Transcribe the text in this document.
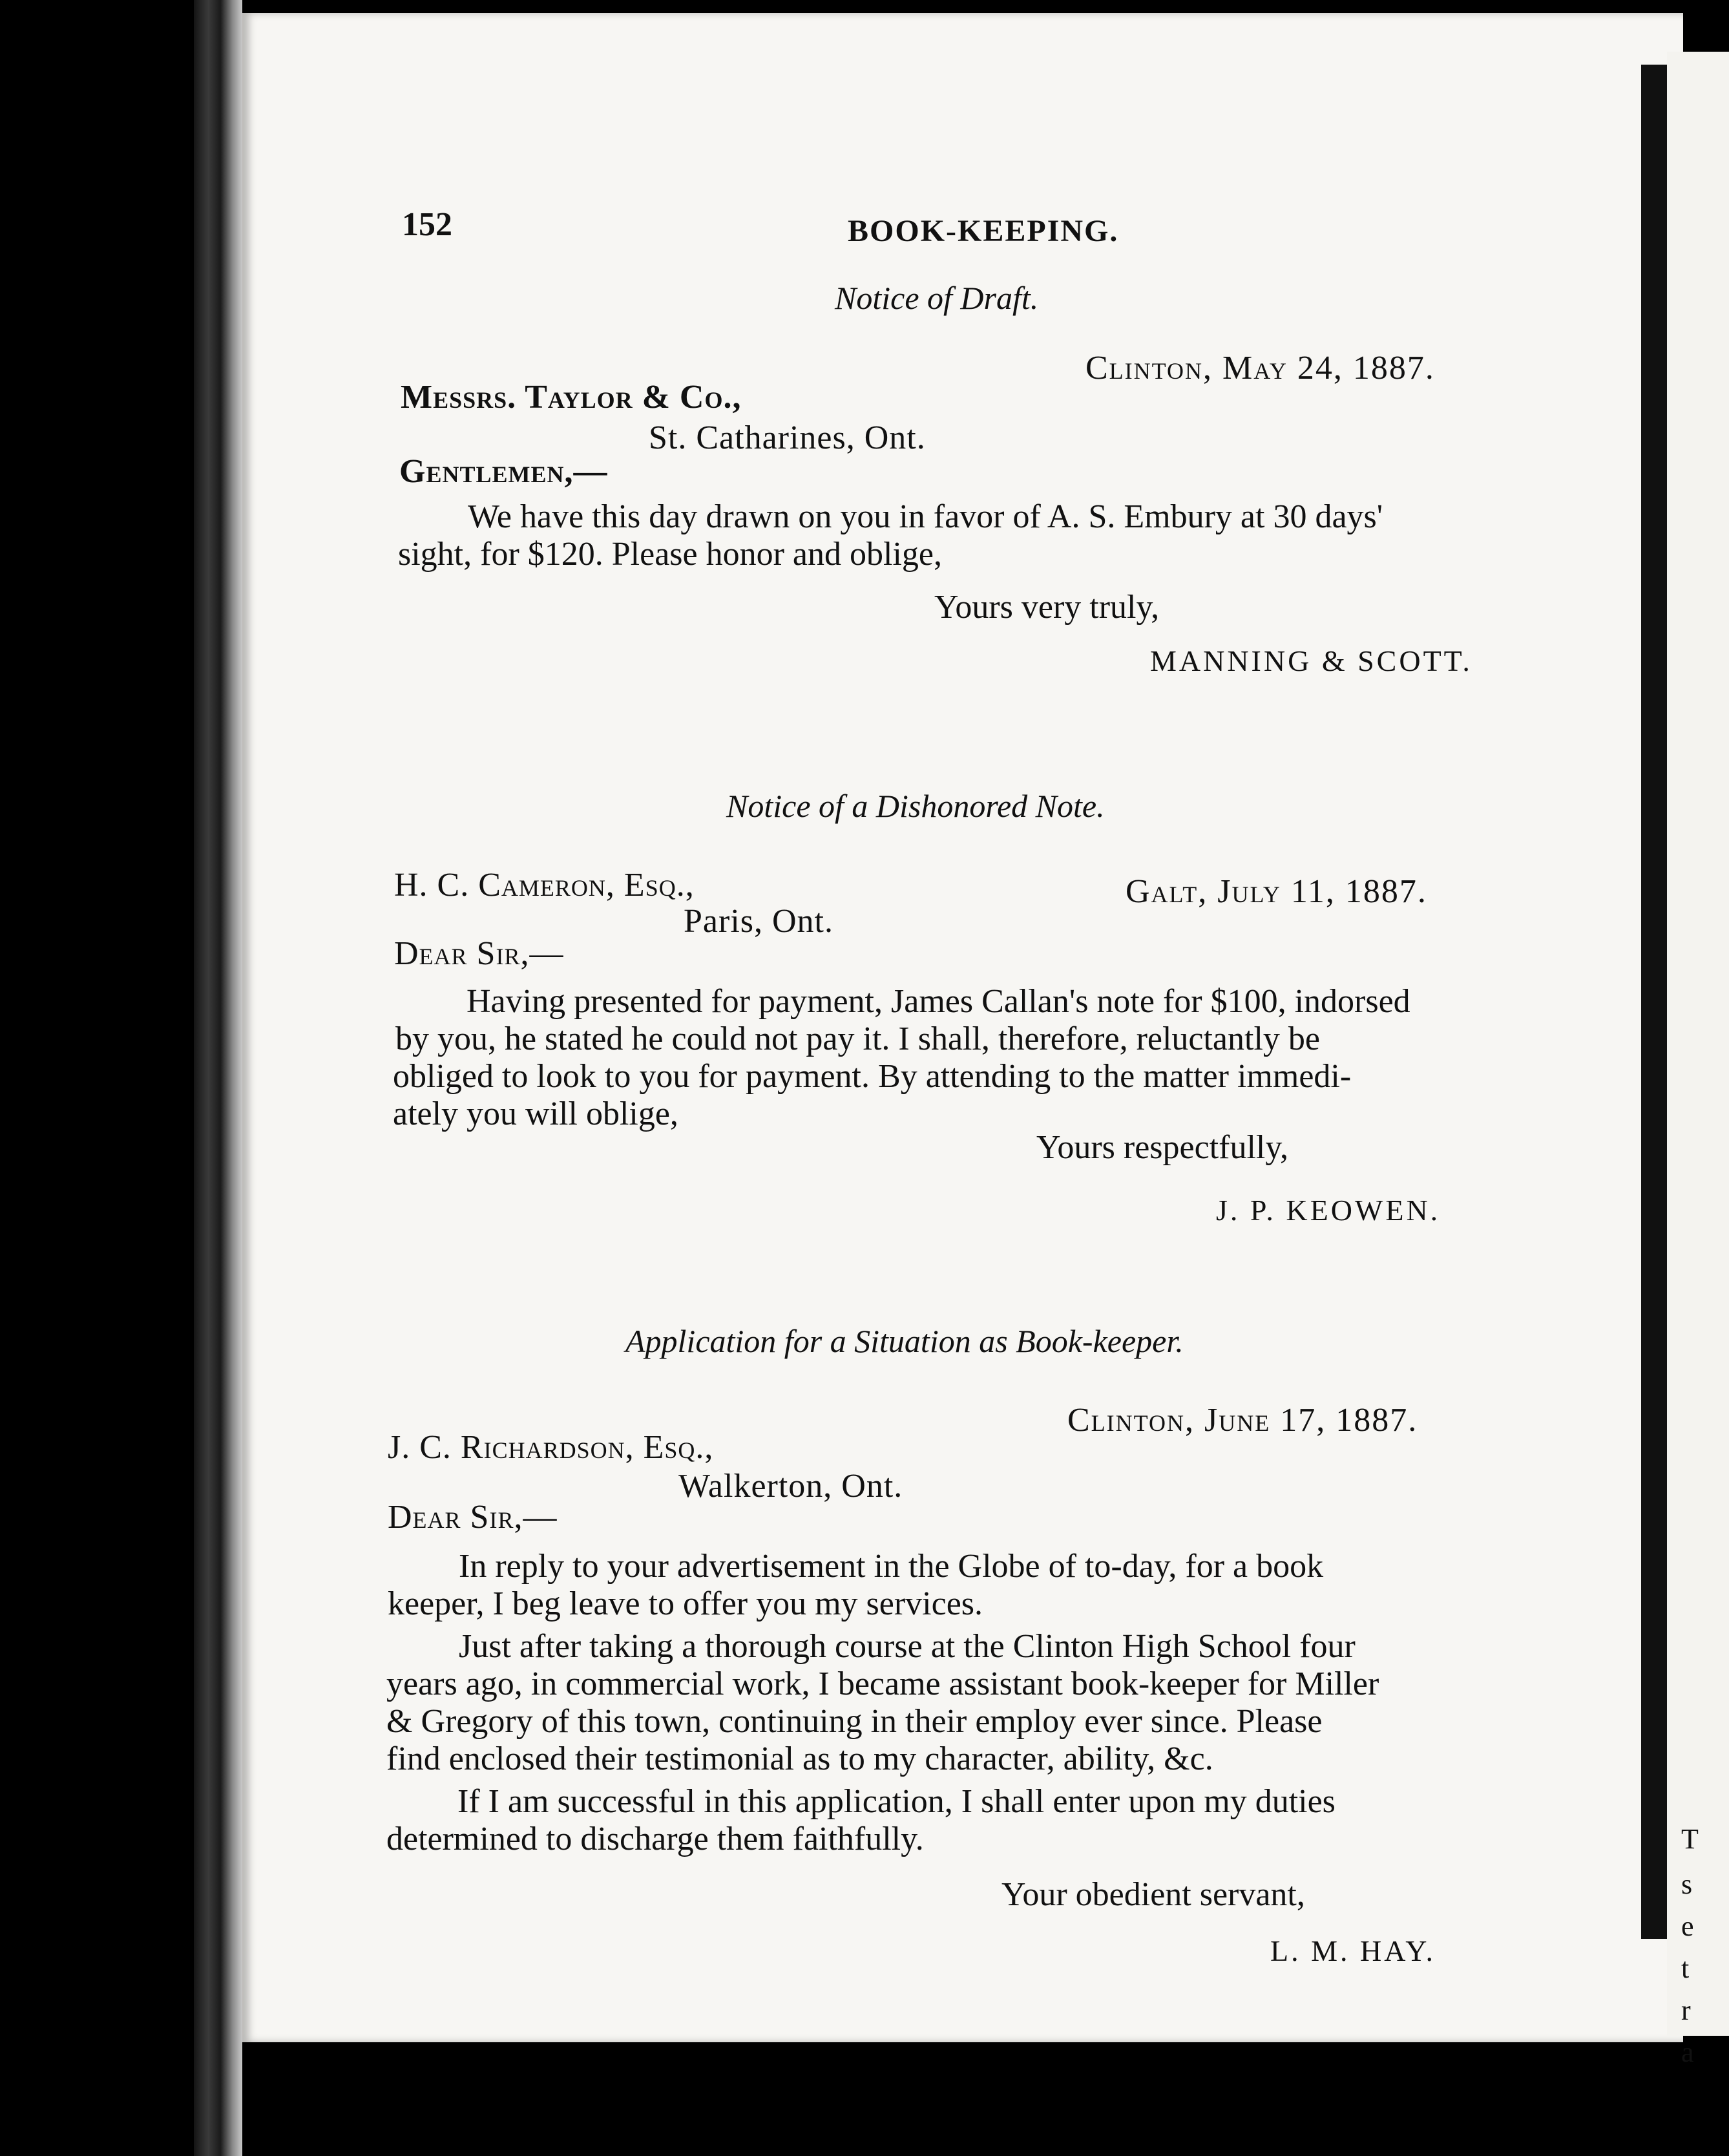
T
s
e
t
r
a
152	BOOK-KEEPING.
Notice of Draft.
Clinton, May 24, 1887.
Messrs. Taylor & Co.,
St. Catharines, Ont.
Gentlemen,—
We have this day drawn on you in favor of A. S. Embury at 30 days'
sight, for $120. Please honor and oblige,
Yours very truly,
MANNING & SCOTT.
Notice of a Dishonored Note.
H. C. Cameron, Esq.,	Galt, July 11, 1887.
Paris, Ont.
Dear Sir,—
Having presented for payment, James Callan's note for $100, indorsed
by you, he stated he could not pay it. I shall, therefore, reluctantly be
obliged to look to you for payment. By attending to the matter immedi-
ately you will oblige,
Yours respectfully,
J. P. KEOWEN.
Application for a Situation as Book-keeper.
Clinton, June 17, 1887.
J. C. Richardson, Esq.,
Walkerton, Ont.
Dear Sir,—
In reply to your advertisement in the Globe of to-day, for a book
keeper, I beg leave to offer you my services.
Just after taking a thorough course at the Clinton High School four
years ago, in commercial work, I became assistant book-keeper for Miller
& Gregory of this town, continuing in their employ ever since. Please
find enclosed their testimonial as to my character, ability, &c.
If I am successful in this application, I shall enter upon my duties
determined to discharge them faithfully.
Your obedient servant,
L. M. HAY.
